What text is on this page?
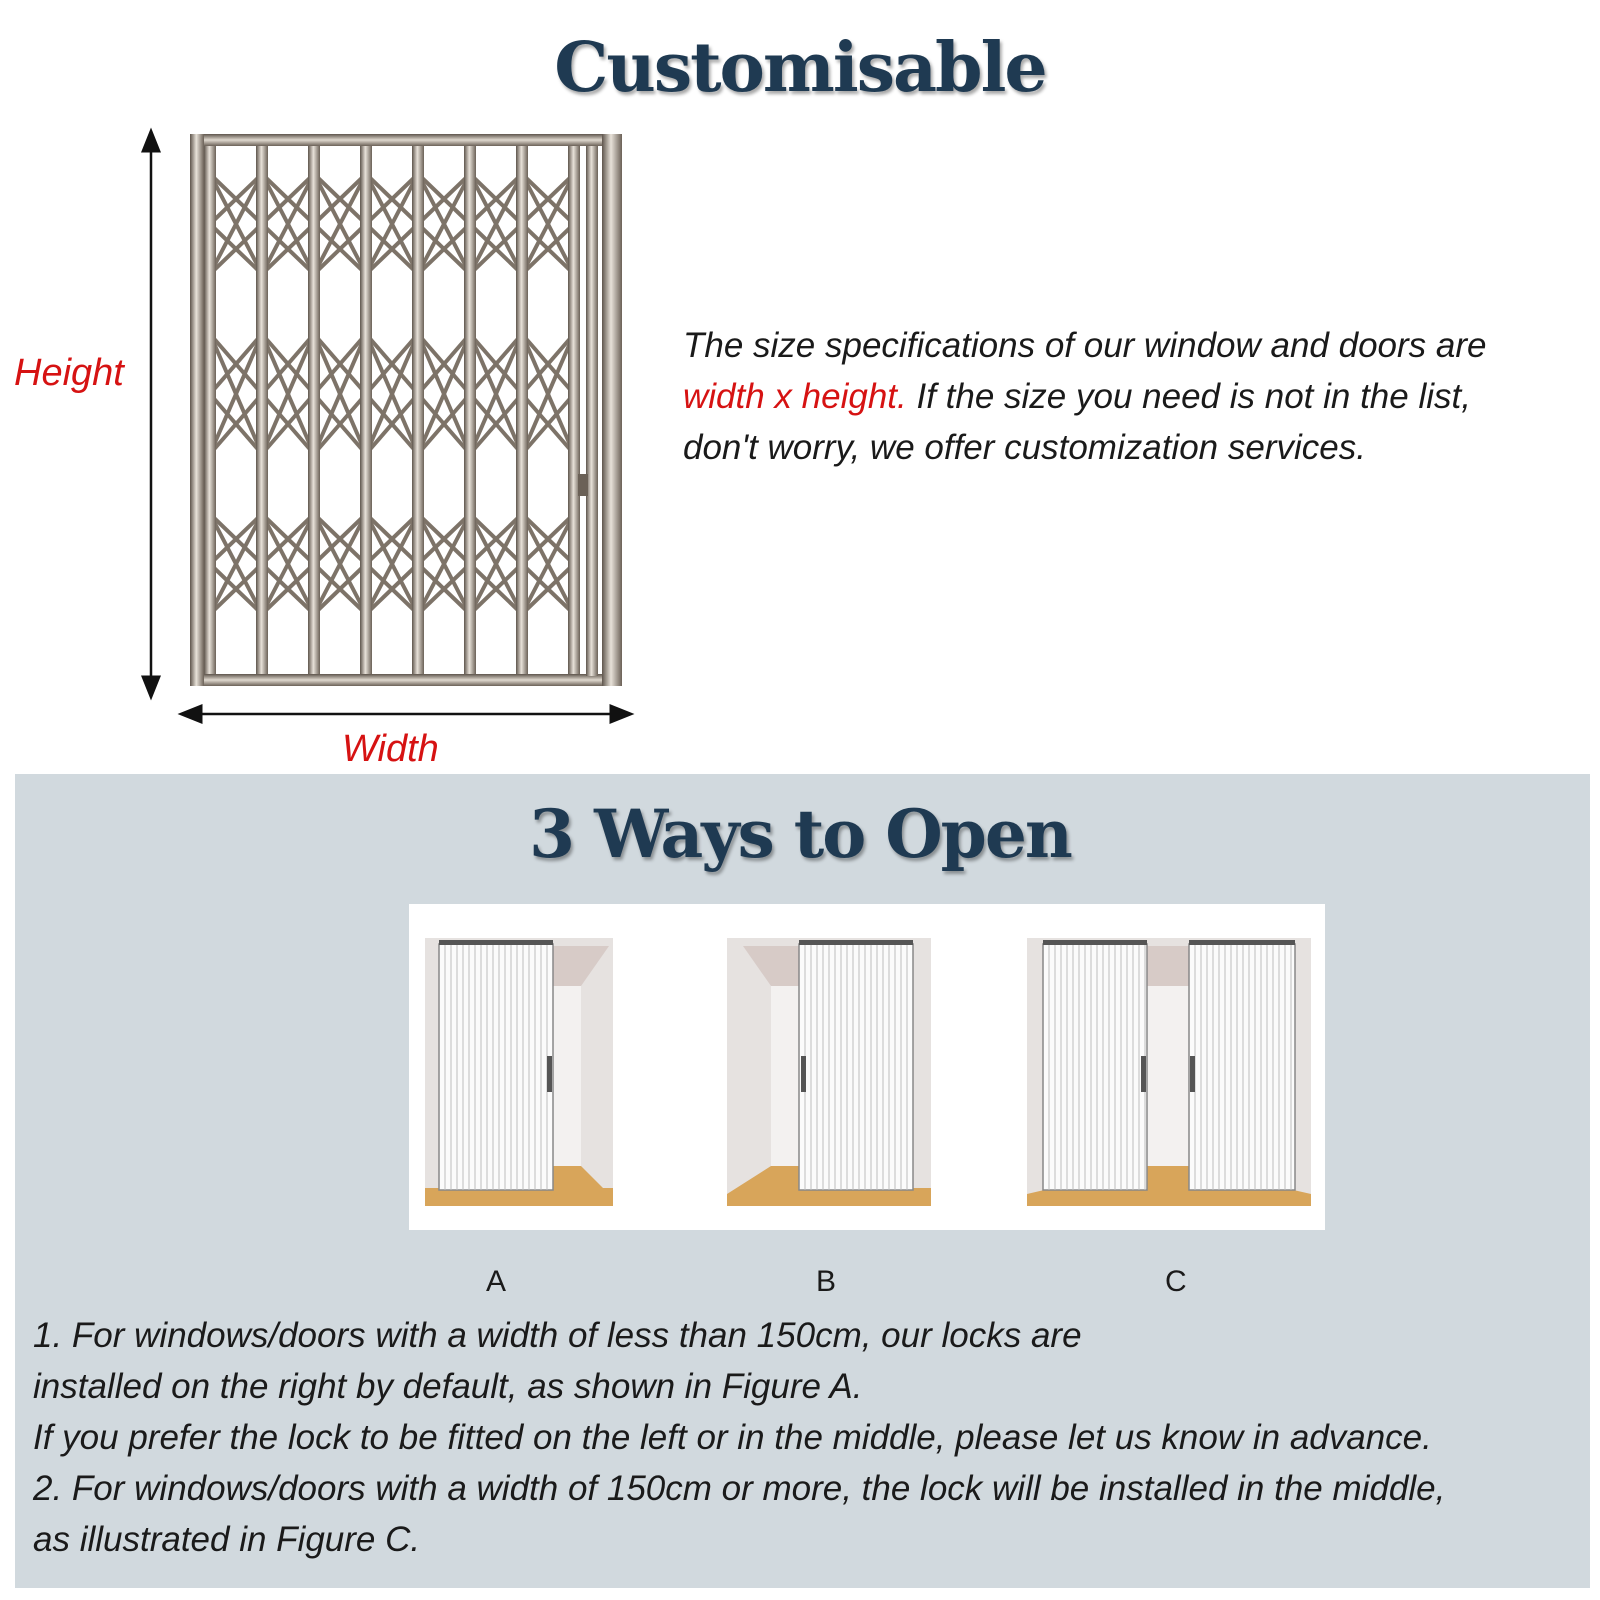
Customisable
Height
Width
The size specifications of our window and doors are
width x height. If the size you need is not in the list,
don't worry, we offer customization services.
3 Ways to Open
A	B	C
1. For windows/doors with a width of less than 150cm, our locks are
installed on the right by default, as shown in Figure A.
If you prefer the lock to be fitted on the left or in the middle, please let us know in advance.
2. For windows/doors with a width of 150cm or more, the lock will be installed in the middle,
as illustrated in Figure C.
